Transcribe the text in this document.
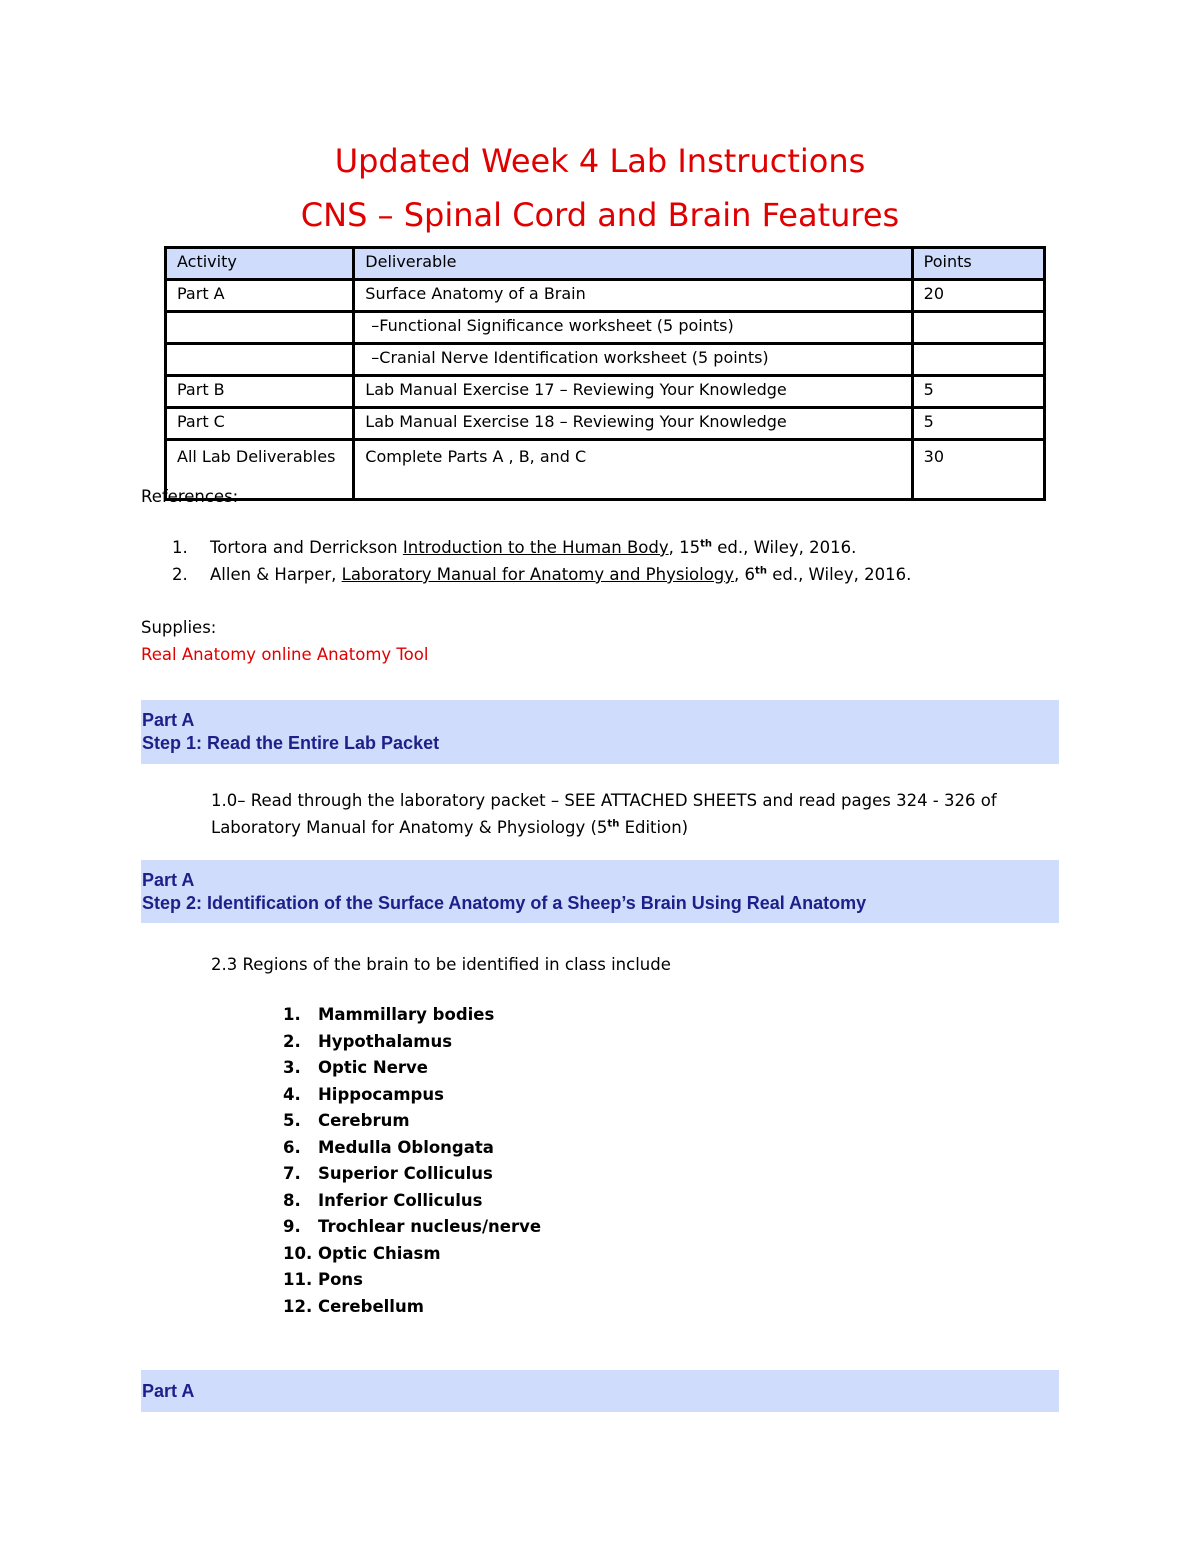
Updated Week 4 Lab Instructions
CNS – Spinal Cord and Brain Features
Activity	Deliverable	Points
Part A	Surface Anatomy of a Brain	20
	–Functional Significance worksheet (5 points)	
	–Cranial Nerve Identification worksheet (5 points)	
Part B	Lab Manual Exercise 17 – Reviewing Your Knowledge	5
Part C	Lab Manual Exercise 18 – Reviewing Your Knowledge	5
All Lab Deliverables	Complete Parts A , B, and C	30
References:
1. Tortora and Derrickson Introduction to the Human Body, 15th ed., Wiley, 2016.
2. Allen & Harper, Laboratory Manual for Anatomy and Physiology, 6th ed., Wiley, 2016.
Supplies:
Real Anatomy online Anatomy Tool
Part A
Step 1: Read the Entire Lab Packet
1.0– Read through the laboratory packet – SEE ATTACHED SHEETS and read pages 324 - 326 of
Laboratory Manual for Anatomy & Physiology (5th Edition)
Part A
Step 2: Identification of the Surface Anatomy of a Sheep’s Brain Using Real Anatomy
2.3 Regions of the brain to be identified in class include
1. Mammillary bodies
2. Hypothalamus
3. Optic Nerve
4. Hippocampus
5. Cerebrum
6. Medulla Oblongata
7. Superior Colliculus
8. Inferior Colliculus
9. Trochlear nucleus/nerve
10. Optic Chiasm
11. Pons
12. Cerebellum
Part A
